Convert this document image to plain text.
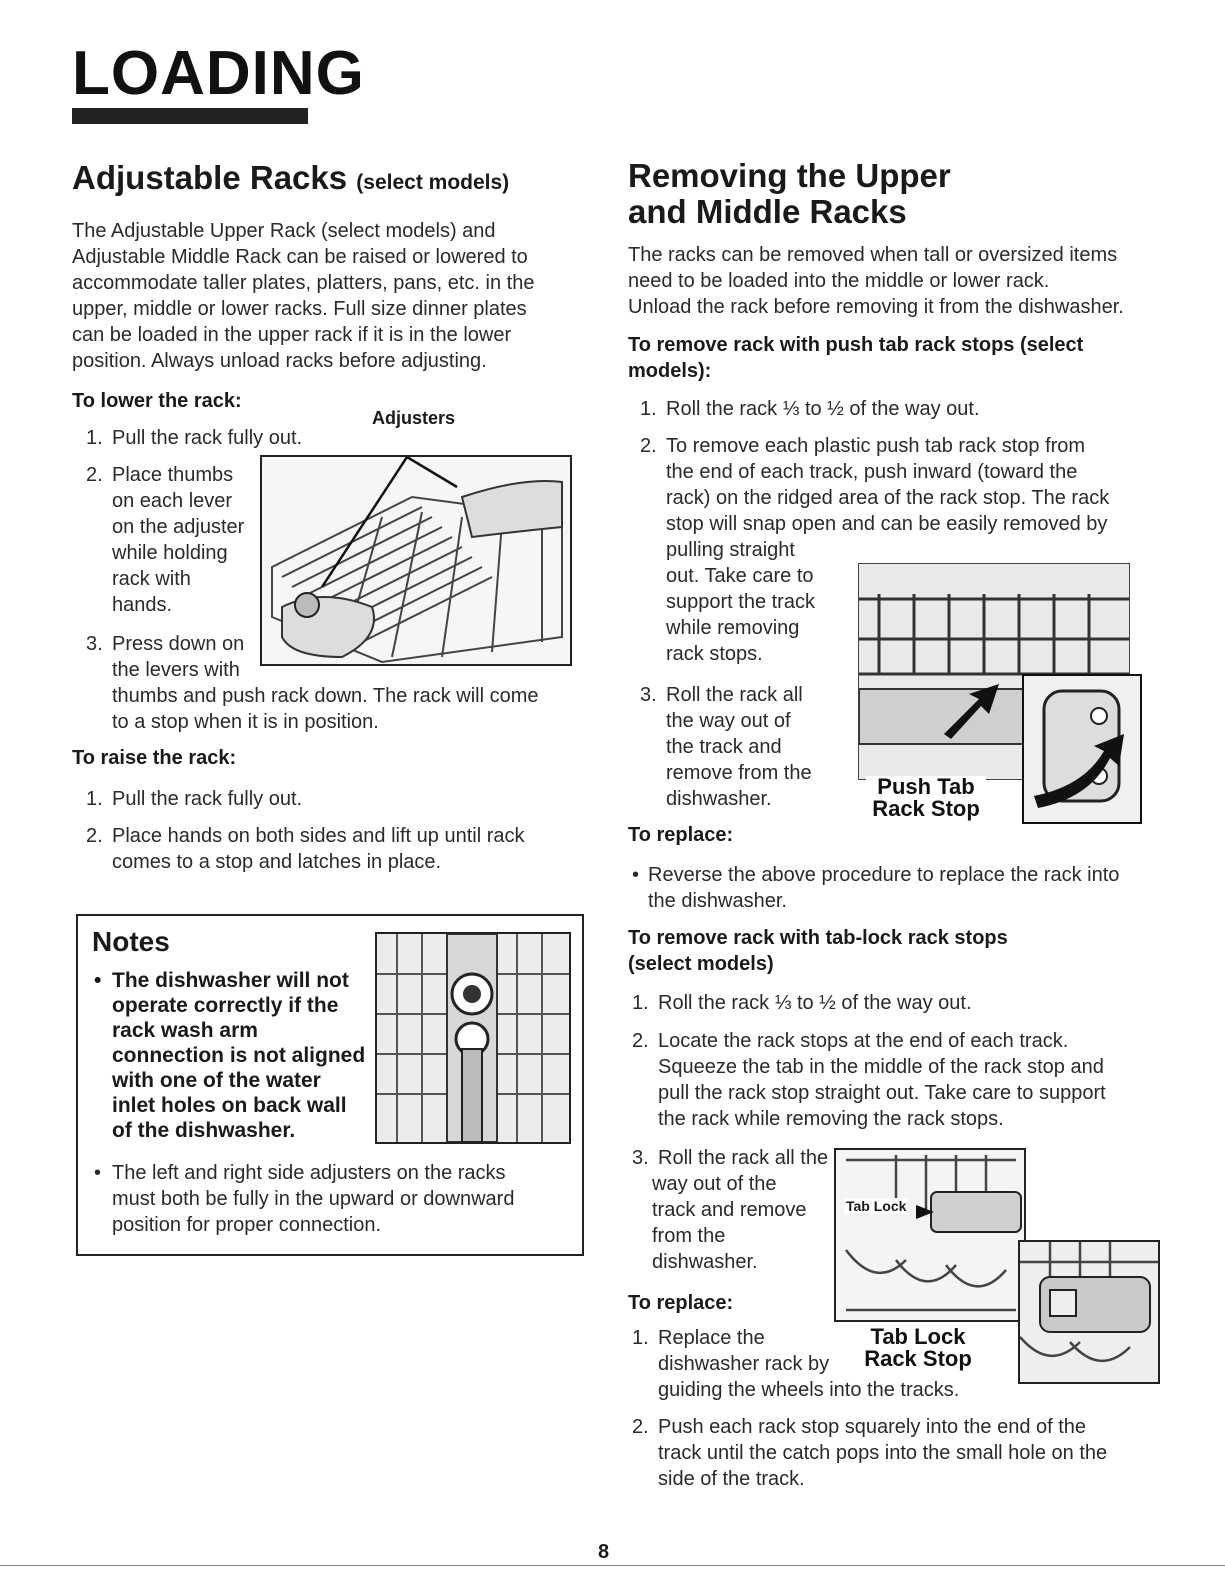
LOADING
Adjustable Racks (select models)
The Adjustable Upper Rack (select models) and
Adjustable Middle Rack can be raised or lowered to
accommodate taller plates, platters, pans, etc. in the
upper, middle or lower racks. Full size dinner plates
can be loaded in the upper rack if it is in the lower
position. Always unload racks before adjusting.
To lower the rack:
Adjusters
1. Pull the rack fully out.
2. Place thumbs
on each lever
on the adjuster
while holding
rack with
hands.
3. Press down on
the levers with
thumbs and push rack down. The rack will come
to a stop when it is in position.
To raise the rack:
1. Pull the rack fully out.
2. Place hands on both sides and lift up until rack
comes to a stop and latches in place.
Notes
• The dishwasher will not
operate correctly if the
rack wash arm
connection is not aligned
with one of the water
inlet holes on back wall
of the dishwasher.
• The left and right side adjusters on the racks
must both be fully in the upward or downward
position for proper connection.
Removing the Upper
and Middle Racks
The racks can be removed when tall or oversized items
need to be loaded into the middle or lower rack.
Unload the rack before removing it from the dishwasher.
To remove rack with push tab rack stops (select
models):
1. Roll the rack ⅓ to ½ of the way out.
2. To remove each plastic push tab rack stop from
the end of each track, push inward (toward the
rack) on the ridged area of the rack stop. The rack
stop will snap open and can be easily removed by
pulling straight
out. Take care to
support the track
while removing
rack stops.
3. Roll the rack all
the way out of
the track and
remove from the
dishwasher.	Push Tab
Rack Stop
To replace:
• Reverse the above procedure to replace the rack into
the dishwasher.
To remove rack with tab-lock rack stops
(select models)
1. Roll the rack ⅓ to ½ of the way out.
2. Locate the rack stops at the end of each track.
Squeeze the tab in the middle of the rack stop and
pull the rack stop straight out. Take care to support
the rack while removing the rack stops.
3. Roll the rack all the
way out of the
track and remove
from the
dishwasher.
Tab Lock
Tab Lock
Rack Stop
To replace:
1. Replace the
dishwasher rack by
guiding the wheels into the tracks.
2. Push each rack stop squarely into the end of the
track until the catch pops into the small hole on the
side of the track.
8
